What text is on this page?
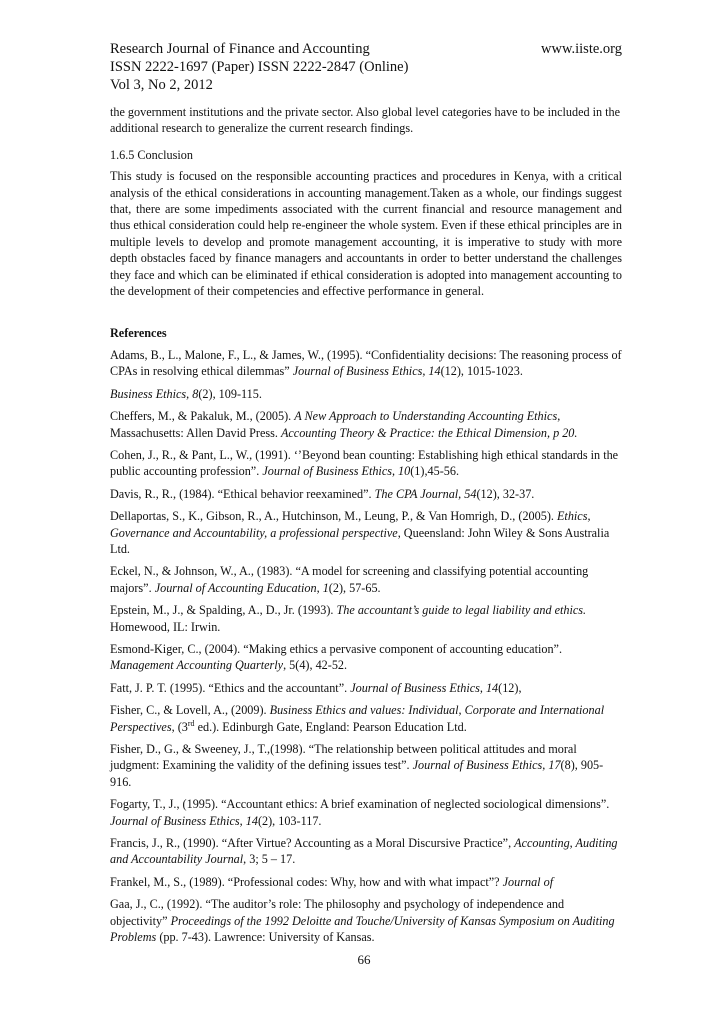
Research Journal of Finance and Accounting	www.iiste.org
ISSN 2222-1697 (Paper) ISSN 2222-2847 (Online)
Vol 3, No 2, 2012

the government institutions and the private sector. Also global level categories have to be included in the additional research to generalize the current research findings.

1.6.5 Conclusion

This study is focused on the responsible accounting practices and procedures in Kenya, with a critical analysis of the ethical considerations in accounting management.Taken as a whole, our findings suggest that, there are some impediments associated with the current financial and resource management and thus ethical consideration could help re-engineer the whole system. Even if these ethical principles are in multiple levels to develop and promote management accounting, it is imperative to study with more depth obstacles faced by finance managers and accountants in order to better understand the challenges they face and which can be eliminated if ethical consideration is adopted into management accounting to the development of their competencies and effective performance in general.

References

Adams, B., L., Malone, F., L., & James, W., (1995). “Confidentiality decisions: The reasoning process of CPAs in resolving ethical dilemmas” Journal of Business Ethics, 14(12), 1015-1023.

Business Ethics, 8(2), 109-115.

Cheffers, M., & Pakaluk, M., (2005). A New Approach to Understanding Accounting Ethics, Massachusetts: Allen David Press. Accounting Theory & Practice: the Ethical Dimension, p 20.

Cohen, J., R., & Pant, L., W., (1991). ‘’Beyond bean counting: Establishing high ethical standards in the public accounting profession”. Journal of Business Ethics, 10(1),45-56.

Davis, R., R., (1984). “Ethical behavior reexamined”. The CPA Journal, 54(12), 32-37.

Dellaportas, S., K., Gibson, R., A., Hutchinson, M., Leung, P., & Van Homrigh, D., (2005). Ethics, Governance and Accountability, a professional perspective, Queensland: John Wiley & Sons Australia Ltd.

Eckel, N., & Johnson, W., A., (1983). “A model for screening and classifying potential accounting majors”. Journal of Accounting Education, 1(2), 57-65.

Epstein, M., J., & Spalding, A., D., Jr. (1993). The accountant’s guide to legal liability and ethics. Homewood, IL: Irwin.

Esmond-Kiger, C., (2004). “Making ethics a pervasive component of accounting education”. Management Accounting Quarterly, 5(4), 42-52.

Fatt, J. P. T. (1995). “Ethics and the accountant”. Journal of Business Ethics, 14(12),

Fisher, C., & Lovell, A., (2009). Business Ethics and values: Individual, Corporate and International Perspectives, (3rd ed.). Edinburgh Gate, England: Pearson Education Ltd.

Fisher, D., G., & Sweeney, J., T.,(1998). “The relationship between political attitudes and moral judgment: Examining the validity of the defining issues test”. Journal of Business Ethics, 17(8), 905-916.

Fogarty, T., J., (1995). “Accountant ethics: A brief examination of neglected sociological dimensions”. Journal of Business Ethics, 14(2), 103-117.

Francis, J., R., (1990). “After Virtue? Accounting as a Moral Discursive Practice”, Accounting, Auditing and Accountability Journal, 3; 5 – 17.

Frankel, M., S., (1989). “Professional codes: Why, how and with what impact”? Journal of

Gaa, J., C., (1992). “The auditor’s role: The philosophy and psychology of independence and objectivity” Proceedings of the 1992 Deloitte and Touche/University of Kansas Symposium on Auditing Problems (pp. 7-43). Lawrence: University of Kansas.

66
